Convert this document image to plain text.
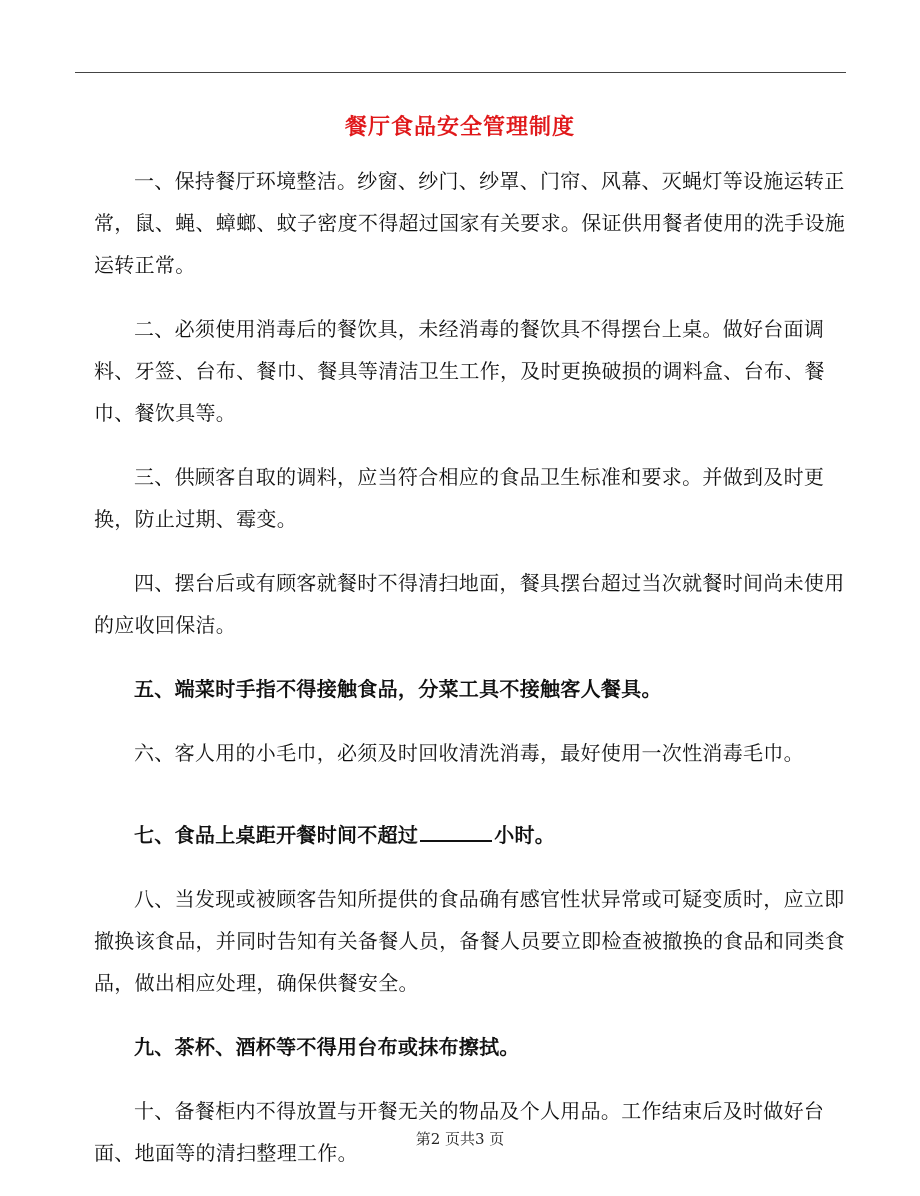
餐厅食品安全管理制度

一、保持餐厅环境整洁。纱窗、纱门、纱罩、门帘、风幕、灭蝇灯等设施运转正常，鼠、蝇、蟑螂、蚊子密度不得超过国家有关要求。保证供用餐者使用的洗手设施运转正常。

二、必须使用消毒后的餐饮具，未经消毒的餐饮具不得摆台上桌。做好台面调料、牙签、台布、餐巾、餐具等清洁卫生工作，及时更换破损的调料盒、台布、餐巾、餐饮具等。

三、供顾客自取的调料，应当符合相应的食品卫生标准和要求。并做到及时更换，防止过期、霉变。

四、摆台后或有顾客就餐时不得清扫地面，餐具摆台超过当次就餐时间尚未使用的应收回保洁。

五、端菜时手指不得接触食品，分菜工具不接触客人餐具。

六、客人用的小毛巾，必须及时回收清洗消毒，最好使用一次性消毒毛巾。

七、食品上桌距开餐时间不超过	小时。

八、当发现或被顾客告知所提供的食品确有感官性状异常或可疑变质时，应立即撤换该食品，并同时告知有关备餐人员，备餐人员要立即检查被撤换的食品和同类食品，做出相应处理，确保供餐安全。

九、茶杯、酒杯等不得用台布或抹布擦拭。

十、备餐柜内不得放置与开餐无关的物品及个人用品。工作结束后及时做好台面、地面等的清扫整理工作。

第2 页共3 页
